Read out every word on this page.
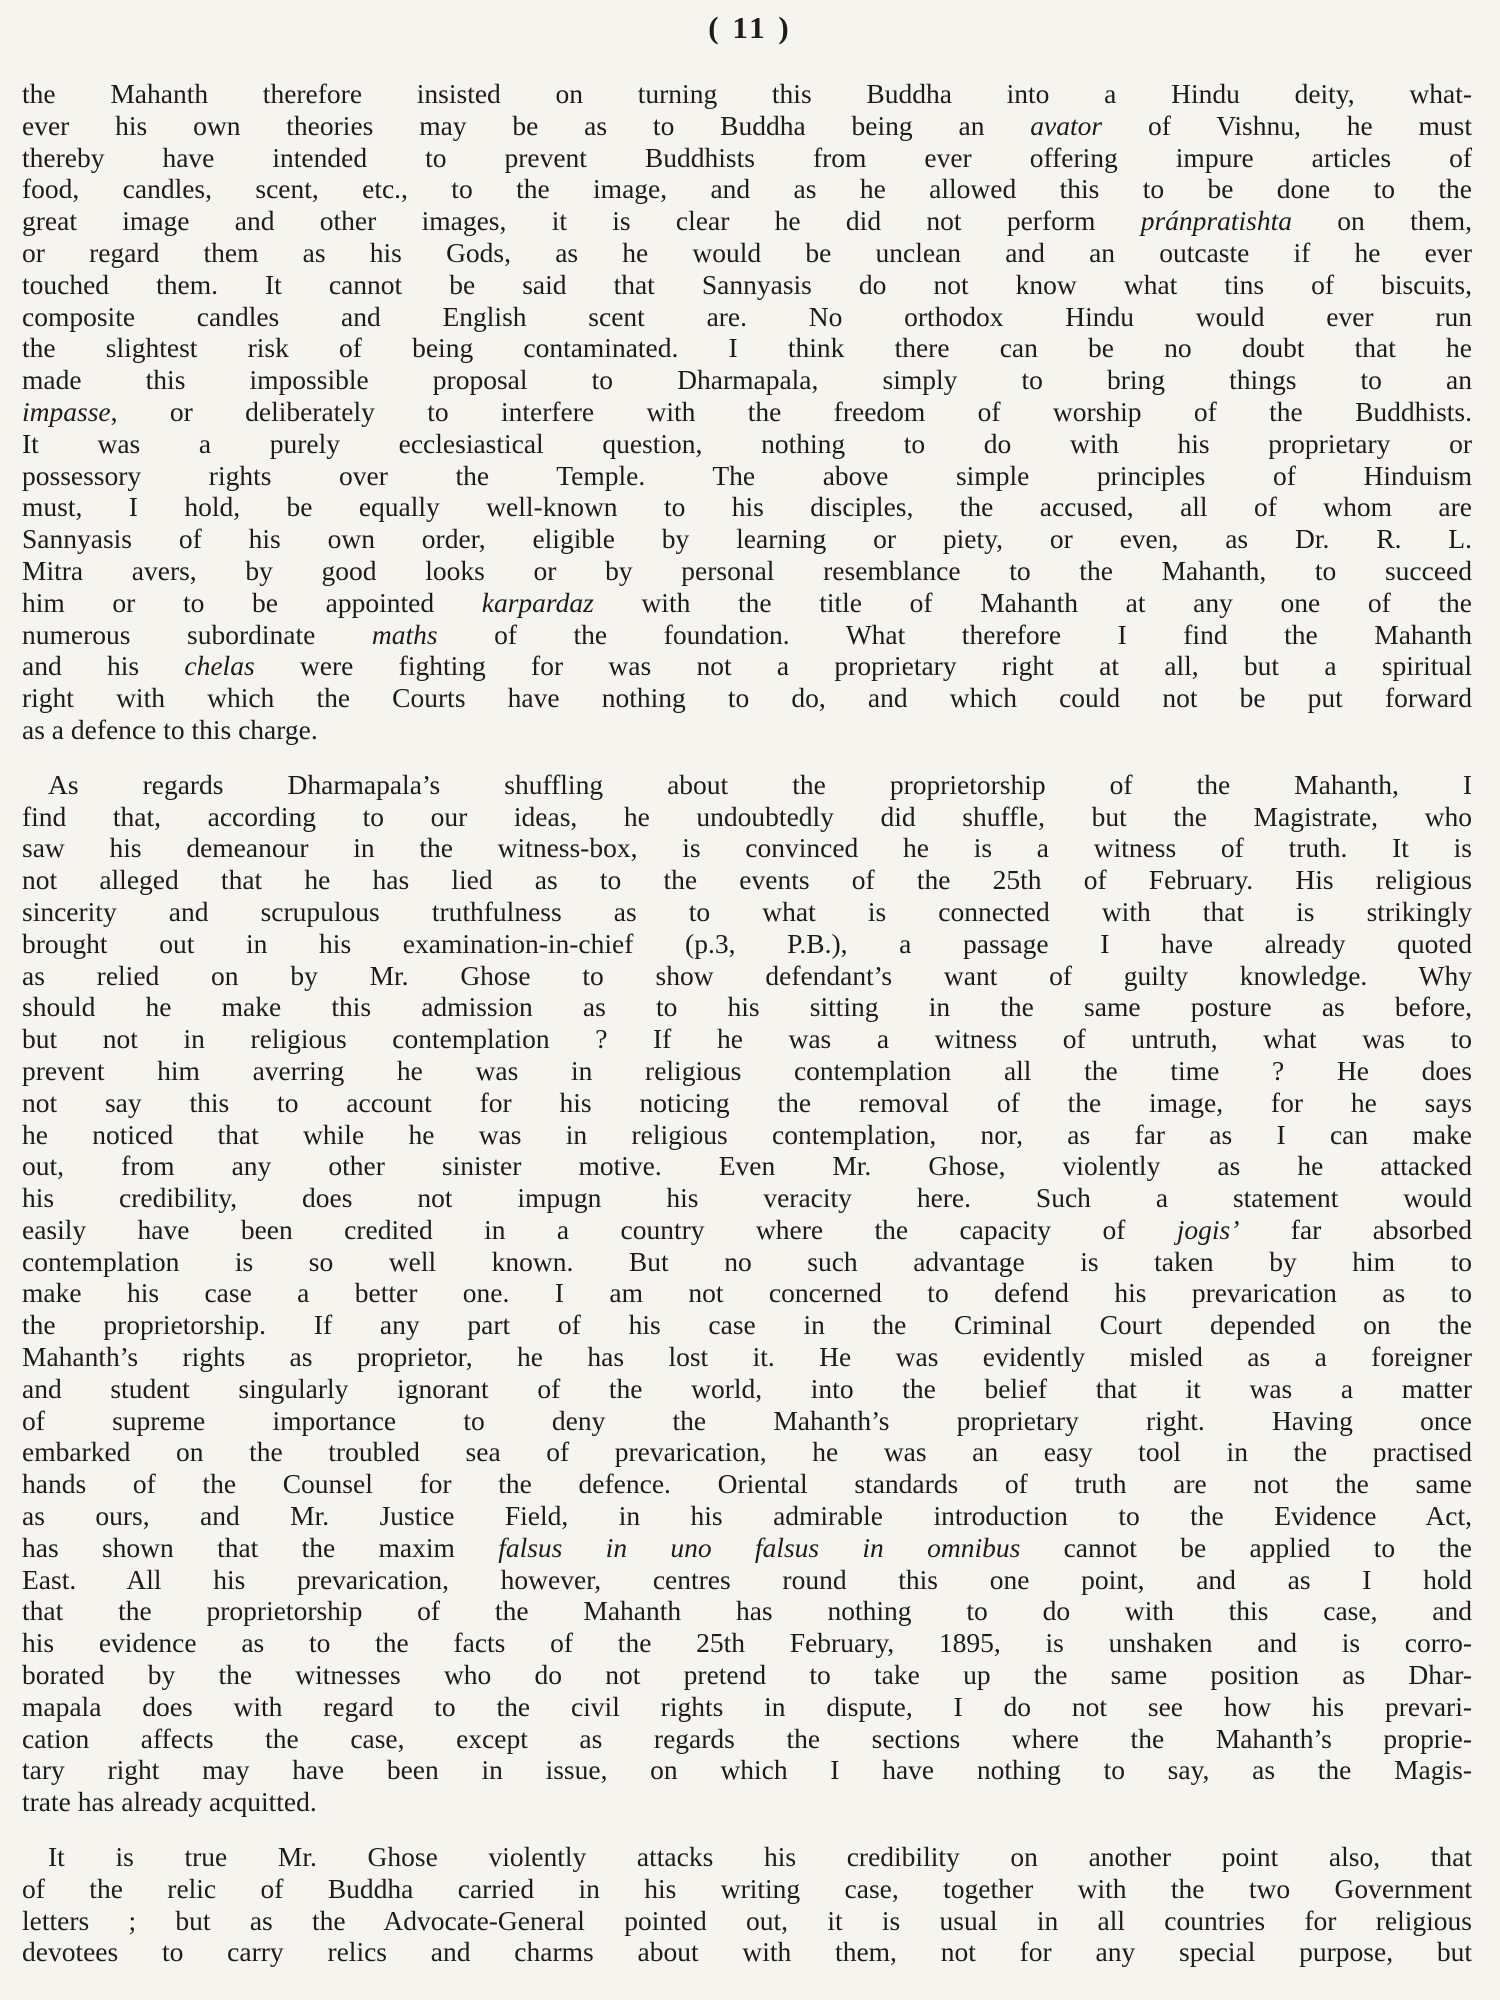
( 11 )
the Mahanth therefore insisted on turning this Buddha into a Hindu deity, what-
ever his own theories may be as to Buddha being an avator of Vishnu, he must
thereby have intended to prevent Buddhists from ever offering impure articles of
food, candles, scent, etc., to the image, and as he allowed this to be done to the
great image and other images, it is clear he did not perform pránpratishta on them,
or regard them as his Gods, as he would be unclean and an outcaste if he ever
touched them. It cannot be said that Sannyasis do not know what tins of biscuits,
composite candles and English scent are. No orthodox Hindu would ever run
the slightest risk of being contaminated. I think there can be no doubt that he
made this impossible proposal to Dharmapala, simply to bring things to an
impasse, or deliberately to interfere with the freedom of worship of the Buddhists.
It was a purely ecclesiastical question, nothing to do with his proprietary or
possessory rights over the Temple. The above simple principles of Hinduism
must, I hold, be equally well-known to his disciples, the accused, all of whom are
Sannyasis of his own order, eligible by learning or piety, or even, as Dr. R. L.
Mitra avers, by good looks or by personal resemblance to the Mahanth, to succeed
him or to be appointed karpardaz with the title of Mahanth at any one of the
numerous subordinate maths of the foundation. What therefore I find the Mahanth
and his chelas were fighting for was not a proprietary right at all, but a spiritual
right with which the Courts have nothing to do, and which could not be put forward
as a defence to this charge.
As regards Dharmapala’s shuffling about the proprietorship of the Mahanth, I
find that, according to our ideas, he undoubtedly did shuffle, but the Magistrate, who
saw his demeanour in the witness-box, is convinced he is a witness of truth. It is
not alleged that he has lied as to the events of the 25th of February. His religious
sincerity and scrupulous truthfulness as to what is connected with that is strikingly
brought out in his examination-in-chief (p.3, P.B.), a passage I have already quoted
as relied on by Mr. Ghose to show defendant’s want of guilty knowledge. Why
should he make this admission as to his sitting in the same posture as before,
but not in religious contemplation ? If he was a witness of untruth, what was to
prevent him averring he was in religious contemplation all the time ? He does
not say this to account for his noticing the removal of the image, for he says
he noticed that while he was in religious contemplation, nor, as far as I can make
out, from any other sinister motive. Even Mr. Ghose, violently as he attacked
his credibility, does not impugn his veracity here. Such a statement would
easily have been credited in a country where the capacity of jogis’ far absorbed
contemplation is so well known. But no such advantage is taken by him to
make his case a better one. I am not concerned to defend his prevarication as to
the proprietorship. If any part of his case in the Criminal Court depended on the
Mahanth’s rights as proprietor, he has lost it. He was evidently misled as a foreigner
and student singularly ignorant of the world, into the belief that it was a matter
of supreme importance to deny the Mahanth’s proprietary right. Having once
embarked on the troubled sea of prevarication, he was an easy tool in the practised
hands of the Counsel for the defence. Oriental standards of truth are not the same
as ours, and Mr. Justice Field, in his admirable introduction to the Evidence Act,
has shown that the maxim falsus in uno falsus in omnibus cannot be applied to the
East. All his prevarication, however, centres round this one point, and as I hold
that the proprietorship of the Mahanth has nothing to do with this case, and
his evidence as to the facts of the 25th February, 1895, is unshaken and is corro-
borated by the witnesses who do not pretend to take up the same position as Dhar-
mapala does with regard to the civil rights in dispute, I do not see how his prevari-
cation affects the case, except as regards the sections where the Mahanth’s proprie-
tary right may have been in issue, on which I have nothing to say, as the Magis-
trate has already acquitted.
It is true Mr. Ghose violently attacks his credibility on another point also, that
of the relic of Buddha carried in his writing case, together with the two Government
letters ; but as the Advocate-General pointed out, it is usual in all countries for religious
devotees to carry relics and charms about with them, not for any special purpose, but
